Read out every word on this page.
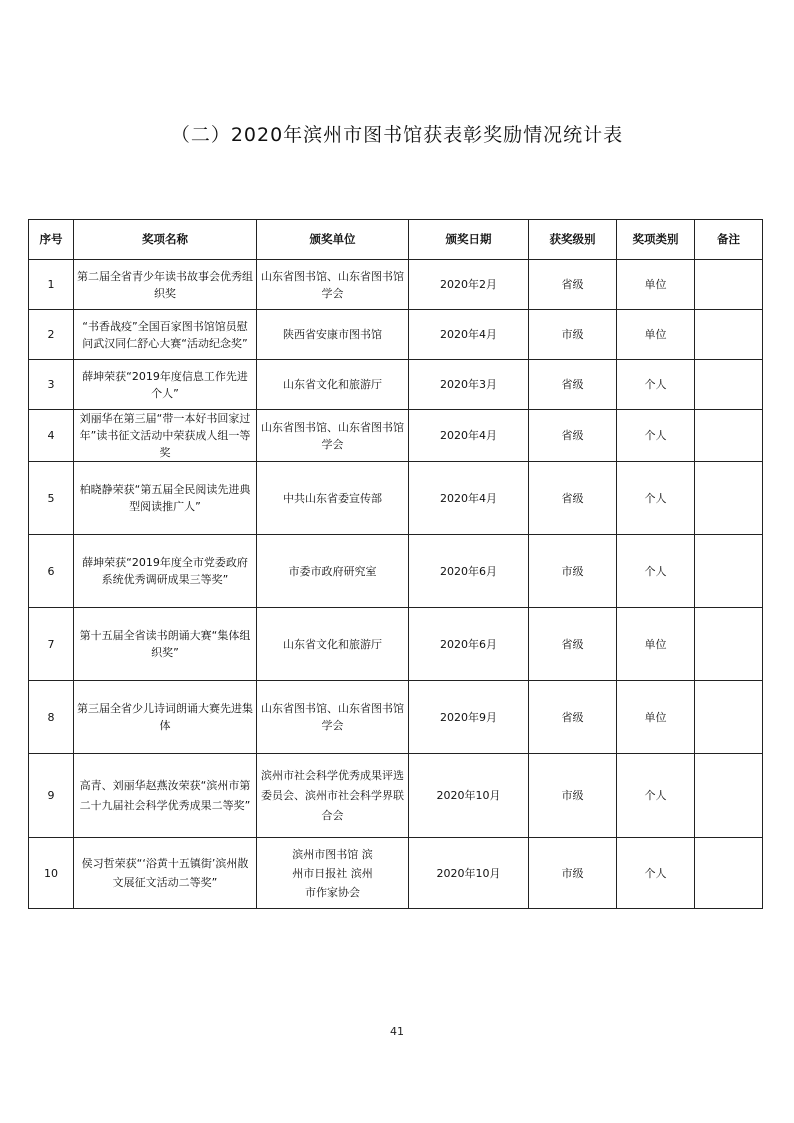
（二）2020年滨州市图书馆获表彰奖励情况统计表
序号	奖项名称	颁奖单位	颁奖日期	获奖级别	奖项类别	备注
1	第二届全省青少年读书故事会优秀组织奖	山东省图书馆、山东省图书馆学会	2020年2月	省级	单位	
2	“书香战疫”全国百家图书馆馆员慰问武汉同仁舒心大赛“活动纪念奖”	陕西省安康市图书馆	2020年4月	市级	单位	
3	薛坤荣获“2019年度信息工作先进个人”	山东省文化和旅游厅	2020年3月	省级	个人	
4	刘丽华在第三届“带一本好书回家过年”读书征文活动中荣获成人组一等奖	山东省图书馆、山东省图书馆学会	2020年4月	省级	个人	
5	柏晓静荣获“第五届全民阅读先进典型阅读推广人”	中共山东省委宣传部	2020年4月	省级	个人	
6	薛坤荣获“2019年度全市党委政府系统优秀调研成果三等奖”	市委市政府研究室	2020年6月	市级	个人	
7	第十五届全省读书朗诵大赛“集体组织奖”	山东省文化和旅游厅	2020年6月	省级	单位	
8	第三届全省少儿诗词朗诵大赛先进集体	山东省图书馆、山东省图书馆学会	2020年9月	省级	单位	
9	高青、刘丽华赵燕汝荣获“滨州市第二十九届社会科学优秀成果二等奖”	滨州市社会科学优秀成果评选委员会、滨州市社会科学界联合会	2020年10月	市级	个人	
10	侯习哲荣获“‘浴黄十五镇街’滨州散文展征文活动二等奖”	滨州市图书馆 滨州市日报社 滨州市作家协会	2020年10月	市级	个人	
41
